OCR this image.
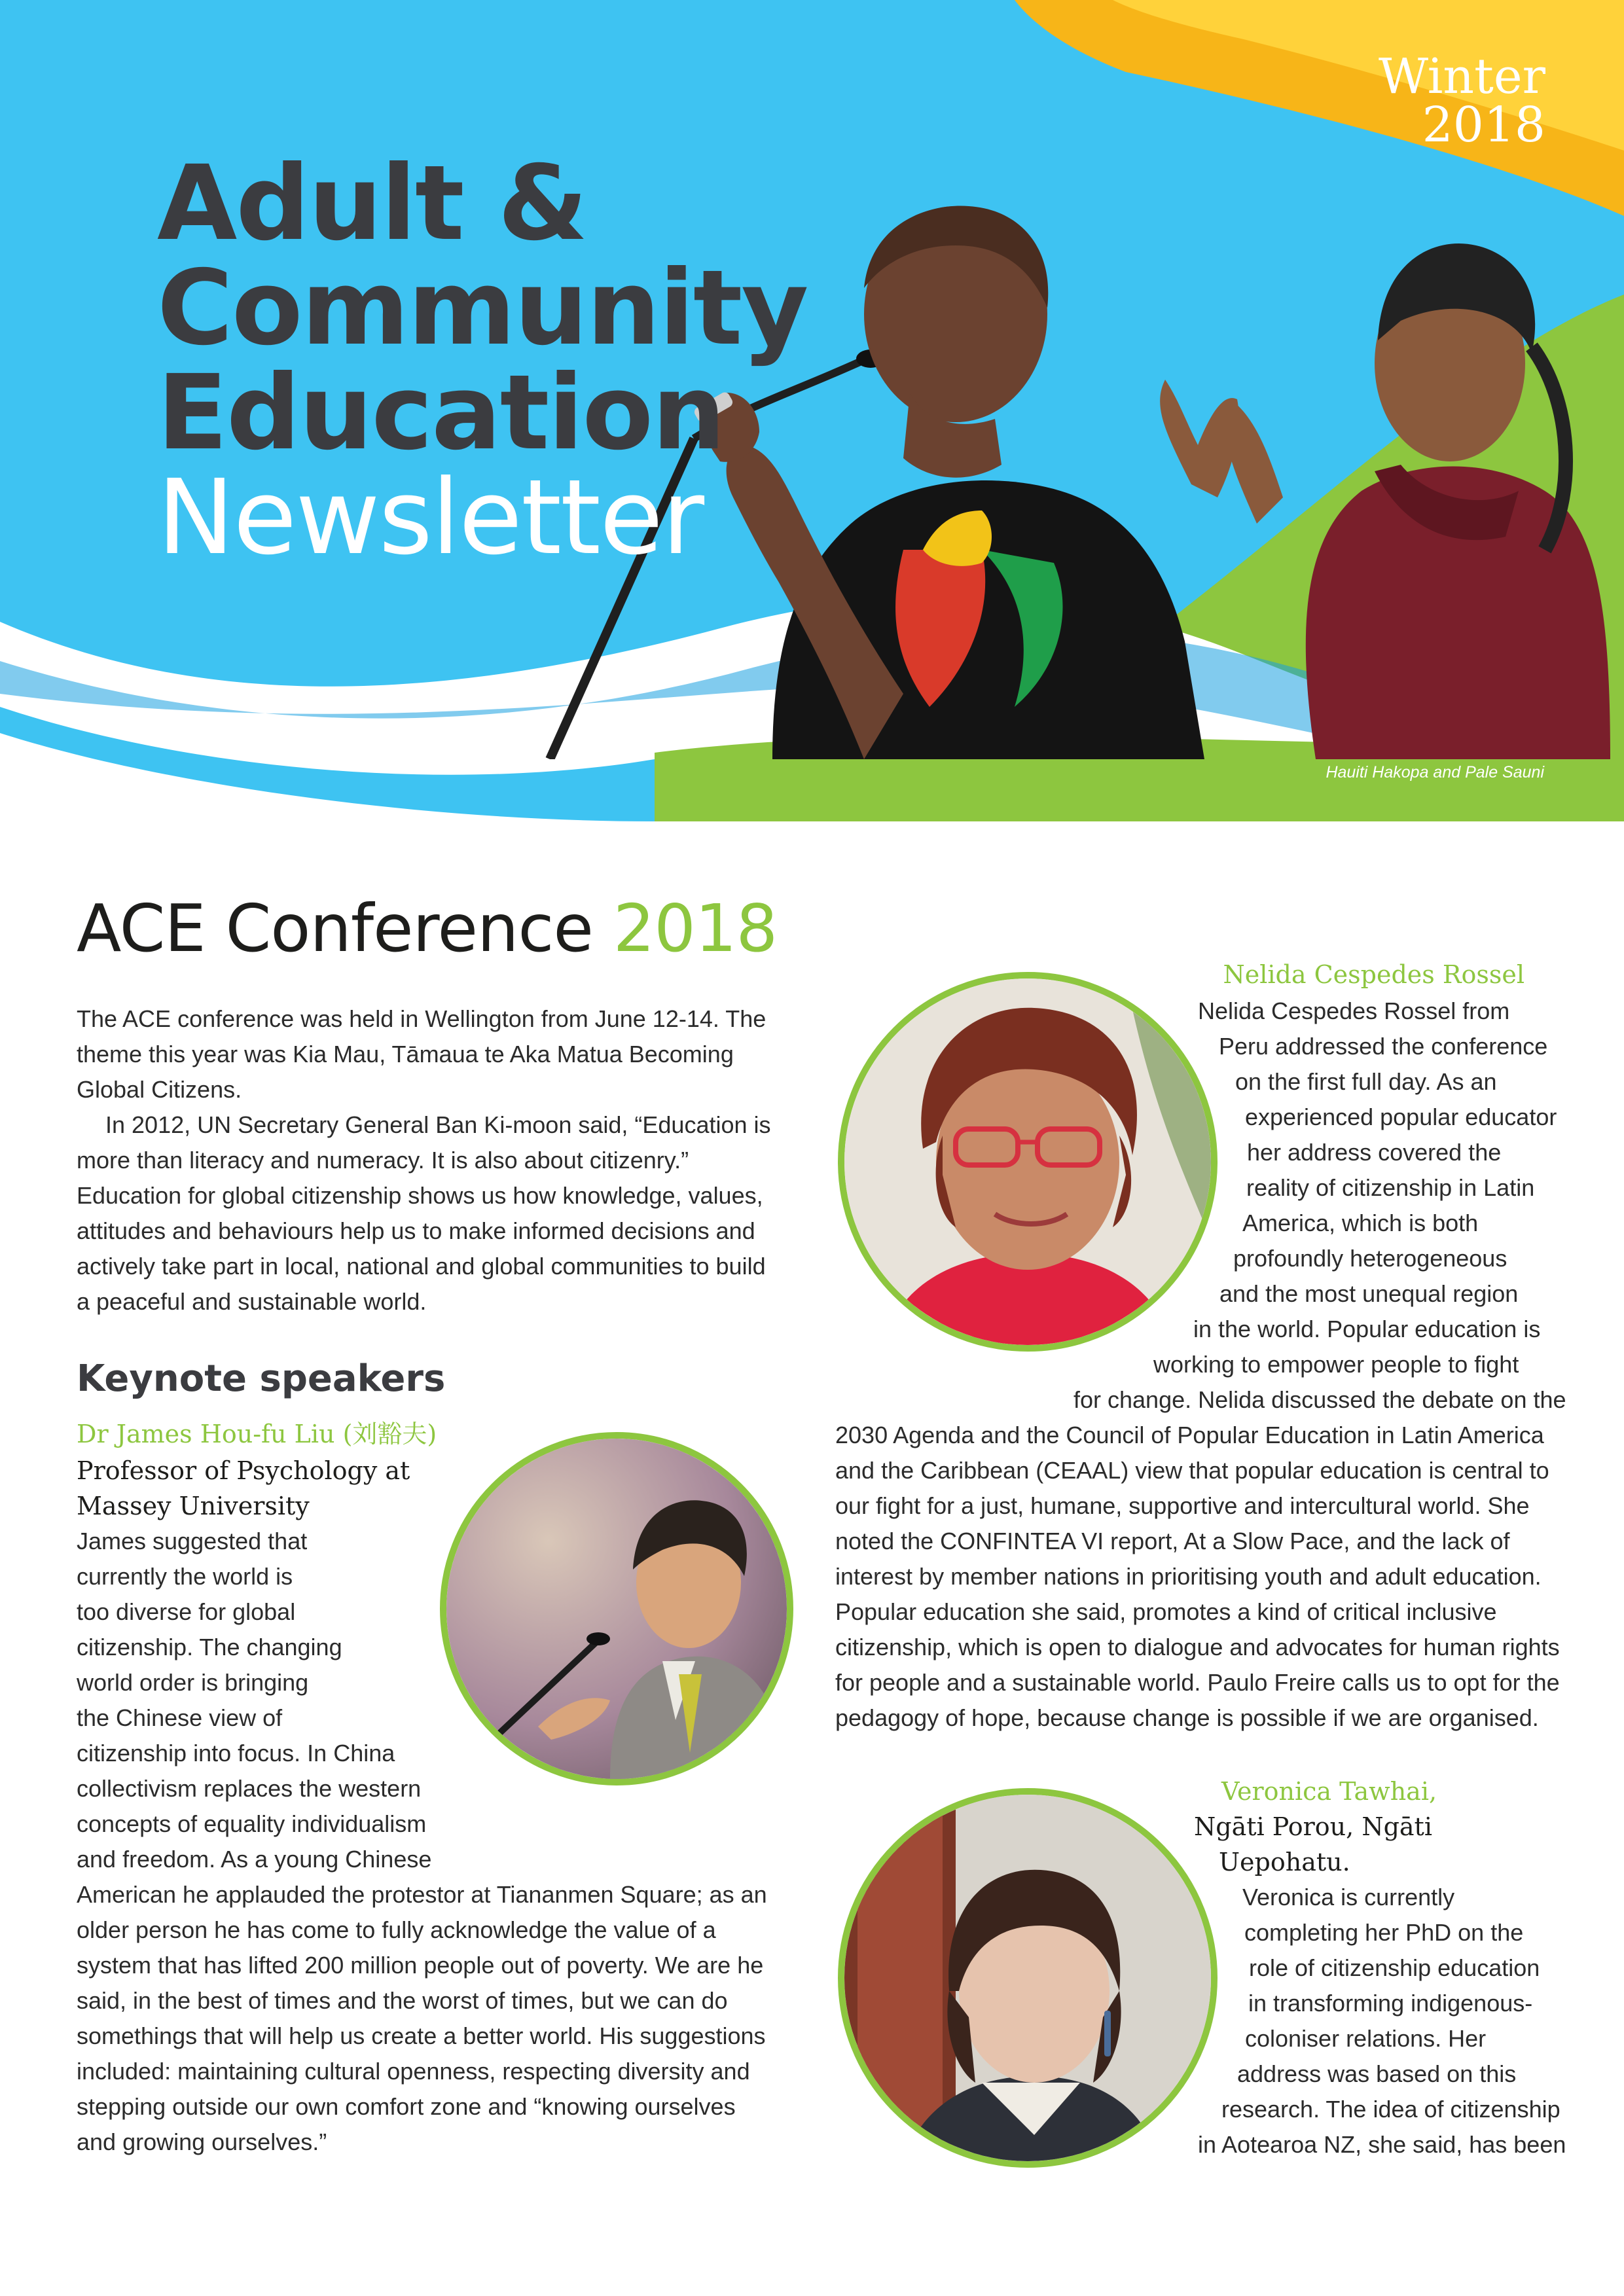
Adult &
Community
Education
Newsletter
Winter
2018
Hauiti Hakopa and Pale Sauni
ACE Conference 2018

The ACE conference was held in Wellington from June 12-14. The theme this year was Kia Mau, Tāmaua te Aka Matua Becoming Global Citizens.

In 2012, UN Secretary General Ban Ki-moon said, “Education is more than literacy and numeracy. It is also about citizenry.” Education for global citizenship shows us how knowledge, values, attitudes and behaviours help us to make informed decisions and actively take part in local, national and global communities to build a peaceful and sustainable world.

Keynote speakers
Dr James Hou-fu Liu (刘豁夫)
Professor of Psychology at
Massey University
James suggested that
currently the world is
too diverse for global
citizenship. The changing
world order is bringing
the Chinese view of
citizenship into focus. In China
collectivism replaces the western
concepts of equality individualism
and freedom. As a young Chinese
American he applauded the protestor at Tiananmen Square; as an older person he has come to fully acknowledge the value of a system that has lifted 200 million people out of poverty. We are he said, in the best of times and the worst of times, but we can do somethings that will help us create a better world. His suggestions included: maintaining cultural openness, respecting diversity and stepping outside our own comfort zone and “knowing ourselves and growing ourselves.”
Nelida Cespedes Rossel
Nelida Cespedes Rossel from
Peru addressed the conference
on the first full day. As an
experienced popular educator
her address covered the
reality of citizenship in Latin
America, which is both
profoundly heterogeneous
and the most unequal region
in the world. Popular education is
working to empower people to fight
for change. Nelida discussed the debate on the
2030 Agenda and the Council of Popular Education in Latin America and the Caribbean (CEAAL) view that popular education is central to our fight for a just, humane, supportive and intercultural world. She noted the CONFINTEA VI report, At a Slow Pace, and the lack of interest by member nations in prioritising youth and adult education. Popular education she said, promotes a kind of critical inclusive citizenship, which is open to dialogue and advocates for human rights for people and a sustainable world. Paulo Freire calls us to opt for the pedagogy of hope, because change is possible if we are organised.
Veronica Tawhai,
Ngāti Porou, Ngāti
Uepohatu.
Veronica is currently
completing her PhD on the
role of citizenship education
in transforming indigenous-
coloniser relations. Her
address was based on this
research. The idea of citizenship
in Aotearoa NZ, she said, has been
